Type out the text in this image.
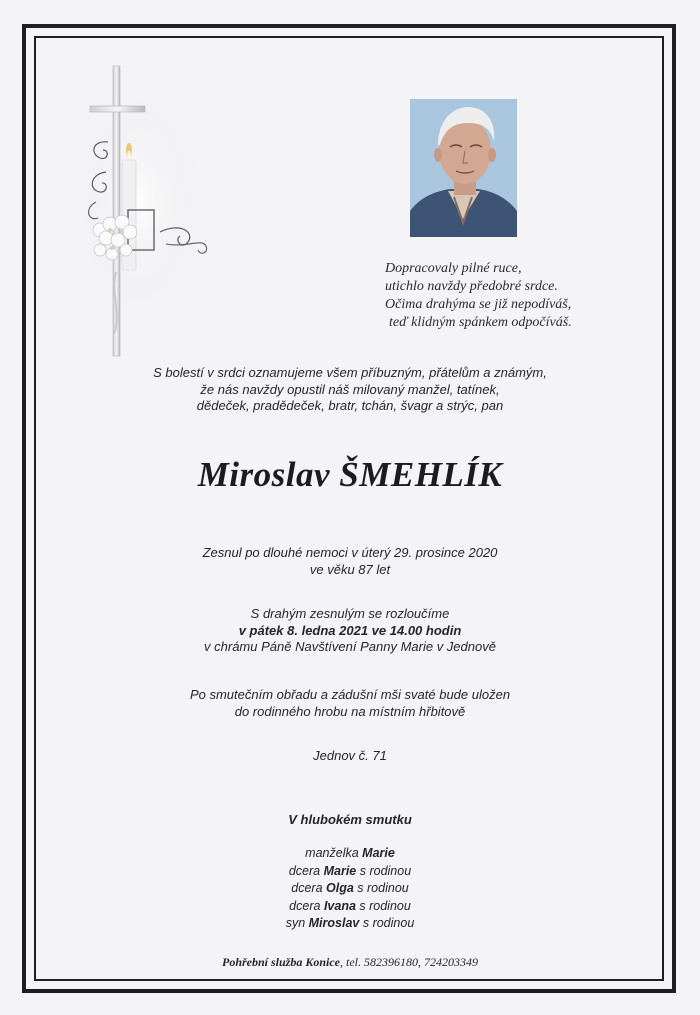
Dopracovaly pilné ruce,
utichlo navždy předobré srdce.
Očima drahýma se již nepodíváš,
teď klidným spánkem odpočíváš.
S bolestí v srdci oznamujeme všem příbuzným, přátelům a známým,
že nás navždy opustil náš milovaný manžel, tatínek,
dědeček, pradědeček, bratr, tchán, švagr a strýc, pan
Miroslav ŠMEHLÍK
Zesnul po dlouhé nemoci v úterý 29. prosince 2020
ve věku 87 let
S drahým zesnulým se rozloučíme
v pátek 8. ledna 2021 ve 14.00 hodin
v chrámu Páně Navštívení Panny Marie v Jednově
Po smutečním obřadu a zádušní mši svaté bude uložen
do rodinného hrobu na místním hřbitově
Jednov č. 71
V hlubokém smutku
manželka Marie
dcera Marie s rodinou
dcera Olga s rodinou
dcera Ivana s rodinou
syn Miroslav s rodinou
Pohřební služba Konice, tel. 582396180, 724203349
